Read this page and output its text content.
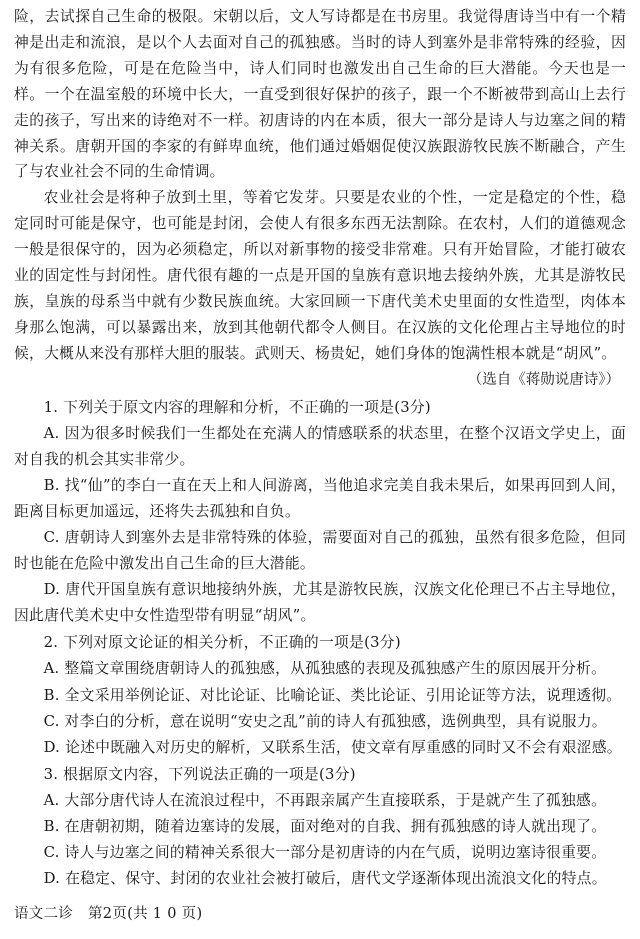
险，去试探自己生命的极限。宋朝以后，文人写诗都是在书房里。我觉得唐诗当中有一个精神是出走和流浪，是以个人去面对自己的孤独感。当时的诗人到塞外是非常特殊的经验，因为有很多危险，可是在危险当中，诗人们同时也激发出自己生命的巨大潜能。今天也是一样。一个在温室般的环境中长大，一直受到很好保护的孩子，跟一个不断被带到高山上去行走的孩子，写出来的诗绝对不一样。初唐诗的内在本质，很大一部分是诗人与边塞之间的精神关系。唐朝开国的李家的有鲜卑血统，他们通过婚姻促使汉族跟游牧民族不断融合，产生了与农业社会不同的生命情调。

农业社会是将种子放到土里，等着它发芽。只要是农业的个性，一定是稳定的个性，稳定同时可能是保守，也可能是封闭，会使人有很多东西无法割除。在农村，人们的道德观念一般是很保守的，因为必须稳定，所以对新事物的接受非常难。只有开始冒险，才能打破农业的固定性与封闭性。唐代很有趣的一点是开国的皇族有意识地去接纳外族，尤其是游牧民族，皇族的母系当中就有少数民族血统。大家回顾一下唐代美术史里面的女性造型，肉体本身那么饱满，可以暴露出来，放到其他朝代都令人侧目。在汉族的文化伦理占主导地位的时候，大概从来没有那样大胆的服装。武则天、杨贵妃，她们身体的饱满性根本就是“胡风”。

（选自《蒋勋说唐诗》）

1. 下列关于原文内容的理解和分析，不正确的一项是(3分)

A. 因为很多时候我们一生都处在充满人的情感联系的状态里，在整个汉语文学史上，面对自我的机会其实非常少。

B. 找“仙”的李白一直在天上和人间游离，当他追求完美自我未果后，如果再回到人间，距离目标更加遥远，还将失去孤独和自负。

C. 唐朝诗人到塞外去是非常特殊的体验，需要面对自己的孤独，虽然有很多危险，但同时也能在危险中激发出自己生命的巨大潜能。

D. 唐代开国皇族有意识地接纳外族，尤其是游牧民族，汉族文化伦理已不占主导地位，因此唐代美术史中女性造型带有明显“胡风”。

2. 下列对原文论证的相关分析，不正确的一项是(3分)

A. 整篇文章围绕唐朝诗人的孤独感，从孤独感的表现及孤独感产生的原因展开分析。

B. 全文采用举例论证、对比论证、比喻论证、类比论证、引用论证等方法，说理透彻。

C. 对李白的分析，意在说明“安史之乱”前的诗人有孤独感，选例典型，具有说服力。

D. 论述中既融入对历史的解析，又联系生活，使文章有厚重感的同时又不会有艰涩感。

3. 根据原文内容，下列说法正确的一项是(3分)

A. 大部分唐代诗人在流浪过程中，不再跟亲属产生直接联系，于是就产生了孤独感。

B. 在唐朝初期，随着边塞诗的发展，面对绝对的自我、拥有孤独感的诗人就出现了。

C. 诗人与边塞之间的精神关系很大一部分是初唐诗的内在气质，说明边塞诗很重要。

D. 在稳定、保守、封闭的农业社会被打破后，唐代文学逐渐体现出流浪文化的特点。

语文二诊　第2页(共 1 0 页)
